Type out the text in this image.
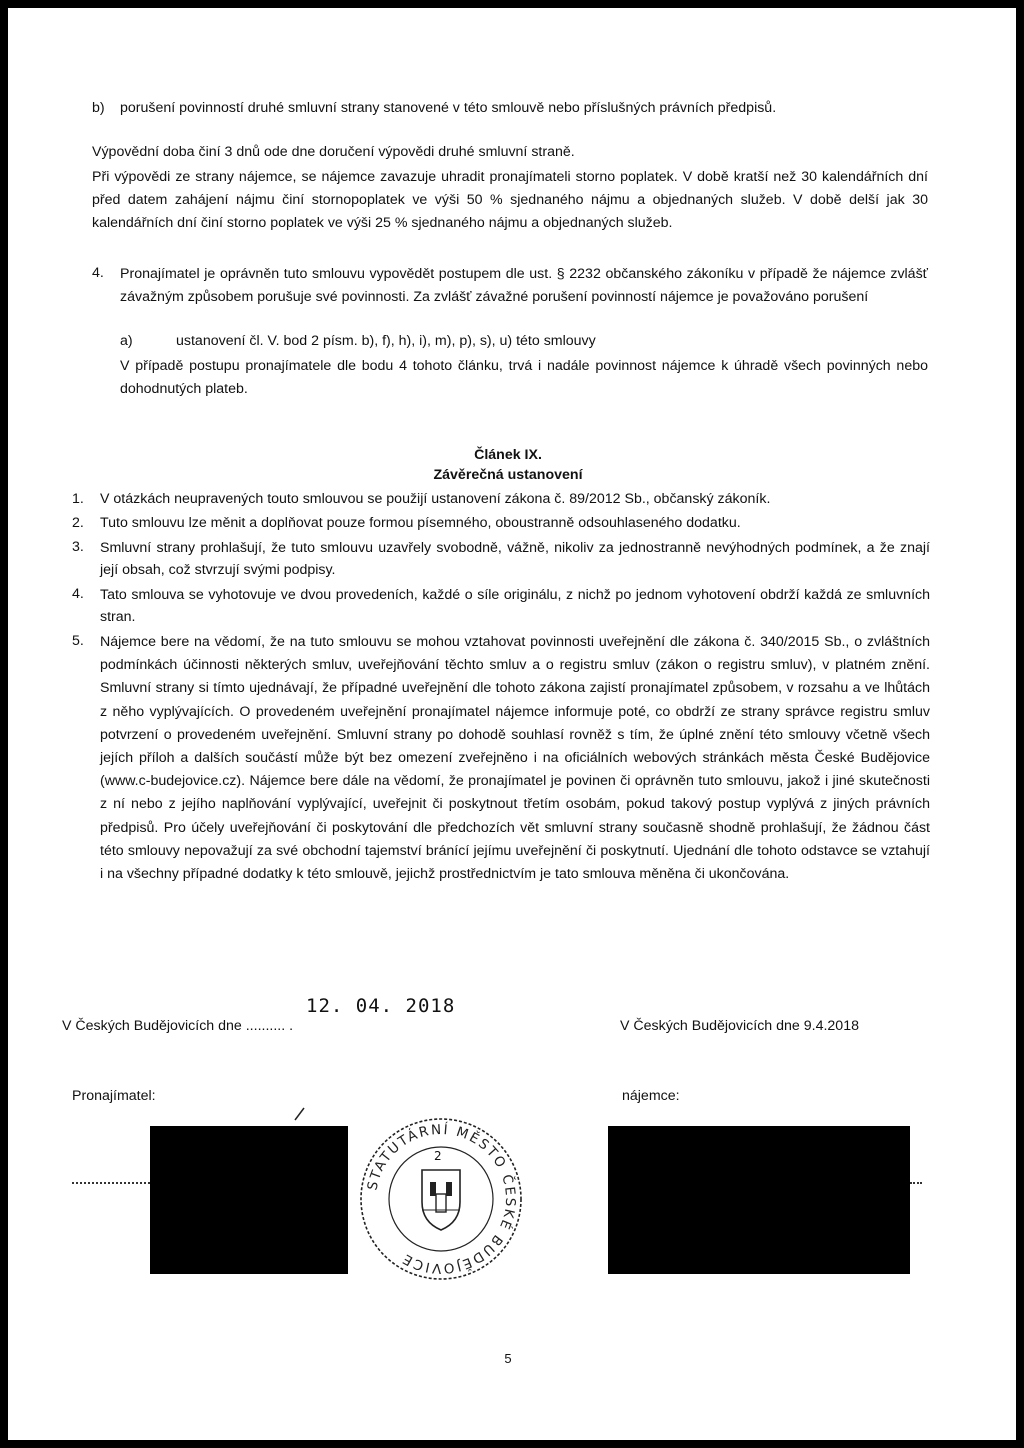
b) porušení povinností druhé smluvní strany stanovené v této smlouvě nebo příslušných právních předpisů.
Výpovědní doba činí 3 dnů ode dne doručení výpovědi druhé smluvní straně.
Při výpovědi ze strany nájemce, se nájemce zavazuje uhradit pronajímateli storno poplatek. V době kratší než 30 kalendářních dní před datem zahájení nájmu činí stornopoplatek ve výši 50 % sjednaného nájmu a objednaných služeb. V době delší jak 30 kalendářních dní činí storno poplatek ve výši 25 % sjednaného nájmu a objednaných služeb.
4. Pronajímatel je oprávněn tuto smlouvu vypovědět postupem dle ust. § 2232 občanského zákoníku v případě že nájemce zvlášť závažným způsobem porušuje své povinnosti. Za zvlášť závažné porušení povinností nájemce je považováno porušení
a)	ustanovení čl. V. bod 2 písm. b), f), h), i), m), p), s), u) této smlouvy
V případě postupu pronajímatele dle bodu 4 tohoto článku, trvá i nadále povinnost nájemce k úhradě všech povinných nebo dohodnutých plateb.
Článek IX.
Závěrečná ustanovení
1. V otázkách neupravených touto smlouvou se použijí ustanovení zákona č. 89/2012 Sb., občanský zákoník.
2. Tuto smlouvu lze měnit a doplňovat pouze formou písemného, oboustranně odsouhlaseného dodatku.
3. Smluvní strany prohlašují, že tuto smlouvu uzavřely svobodně, vážně, nikoliv za jednostranně nevýhodných podmínek, a že znají její obsah, což stvrzují svými podpisy.
4. Tato smlouva se vyhotovuje ve dvou provedeních, každé o síle originálu, z nichž po jednom vyhotovení obdrží každá ze smluvních stran.
5. Nájemce bere na vědomí, že na tuto smlouvu se mohou vztahovat povinnosti uveřejnění dle zákona č. 340/2015 Sb., o zvláštních podmínkách účinnosti některých smluv, uveřejňování těchto smluv a o registru smluv (zákon o registru smluv), v platném znění. Smluvní strany si tímto ujednávají, že případné uveřejnění dle tohoto zákona zajistí pronajímatel způsobem, v rozsahu a ve lhůtách z něho vyplývajících. O provedeném uveřejnění pronajímatel nájemce informuje poté, co obdrží ze strany správce registru smluv potvrzení o provedeném uveřejnění. Smluvní strany po dohodě souhlasí rovněž s tím, že úplné znění této smlouvy včetně všech jejích příloh a dalších součástí může být bez omezení zveřejněno i na oficiálních webových stránkách města České Budějovice (www.c-budejovice.cz). Nájemce bere dále na vědomí, že pronajímatel je povinen či oprávněn tuto smlouvu, jakož i jiné skutečnosti z ní nebo z jejího naplňování vyplývající, uveřejnit či poskytnout třetím osobám, pokud takový postup vyplývá z jiných právních předpisů. Pro účely uveřejňování či poskytování dle předchozích vět smluvní strany současně shodně prohlašují, že žádnou část této smlouvy nepovažují za své obchodní tajemství bránící jejímu uveřejnění či poskytnutí. Ujednání dle tohoto odstavce se vztahují i na všechny případné dodatky k této smlouvě, jejichž prostřednictvím je tato smlouva měněna či ukončována.
V Českých Budějovicích dne .......... .
12. 04. 2018
V Českých Budějovicích dne 9.4.2018
Pronajímatel:	nájemce:
STATUTÁRNÍ MĚSTO ČESKÉ BUDĚJOVICE
2
5
